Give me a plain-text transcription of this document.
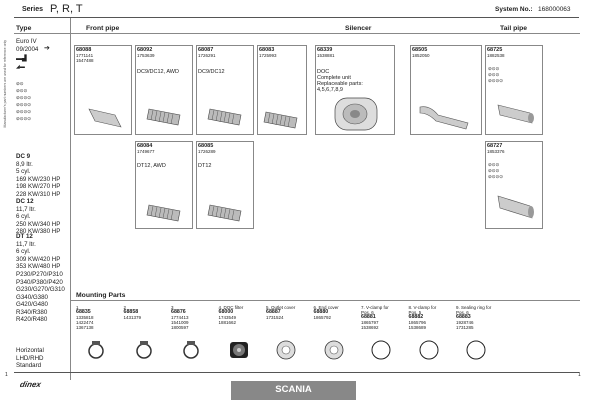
Manufacturer's part numbers are used for reference only
Series P, R, T	System No.: 168000063
Front pipe	Silencer	Tail pipe
Type
Euro IV
09/2004 ➔
▬▟
◢▬
⊘⊙
⊘⊙⊙
⊘⊙⊙⊙
⊘⊙⊙⊙
⊘⊙⊙⊙
⊘⊙⊙⊙
DC 9
8,9 ltr.
5 cyl.
169 KW/230 HP
198 KW/270 HP
228 KW/310 HP
DC 12
11,7 ltr.
6 cyl.
250 KW/340 HP
280 KW/380 HP
DT 12
11,7 ltr.
6 cyl.
309 KW/420 HP
353 KW/480 HP
P230/P270/P310
P340/P380/P420
G230/G270/G310
G340/G380
G420/G480
R340/R380
R420/R480
Horizontal
LHD/RHD
Standard
68088
1771141
1547488
68092
1753639
DC9/DC12, AWD
68087
1726291
DC9/DC12
68083
1725993
68339
1538881
DOC
Complete unit
Replaceable parts:
4,5,6,7,8,9
68505
1852050
68725
1882538
⊘⊙⊙
⊘⊙⊙
⊘⊙⊙⊙
68084
1749677
DT12, AWD
68085
1726289
DT12
68727
1853376
⊘⊙⊙
⊘⊙⊙
⊘⊙⊙⊙
Mounting Parts
1
68835
1335818
1422474
1367138
2
68858
1431379
3
68876
1774413
1541009
1800597
4. DOC filter
68000
1743549
1881662
5. Outlet cover
68887
1731524
6. End cover
68880
1865792
7. V-clamp for
Pos. 6
68881
1865797
1538692
8. V-clamp for
Pos. 5
68882
1865796
1538689
9. Sealing ring for
Pos. 6
68883
1928746
1731285
dinex	SCANIA
1	1
